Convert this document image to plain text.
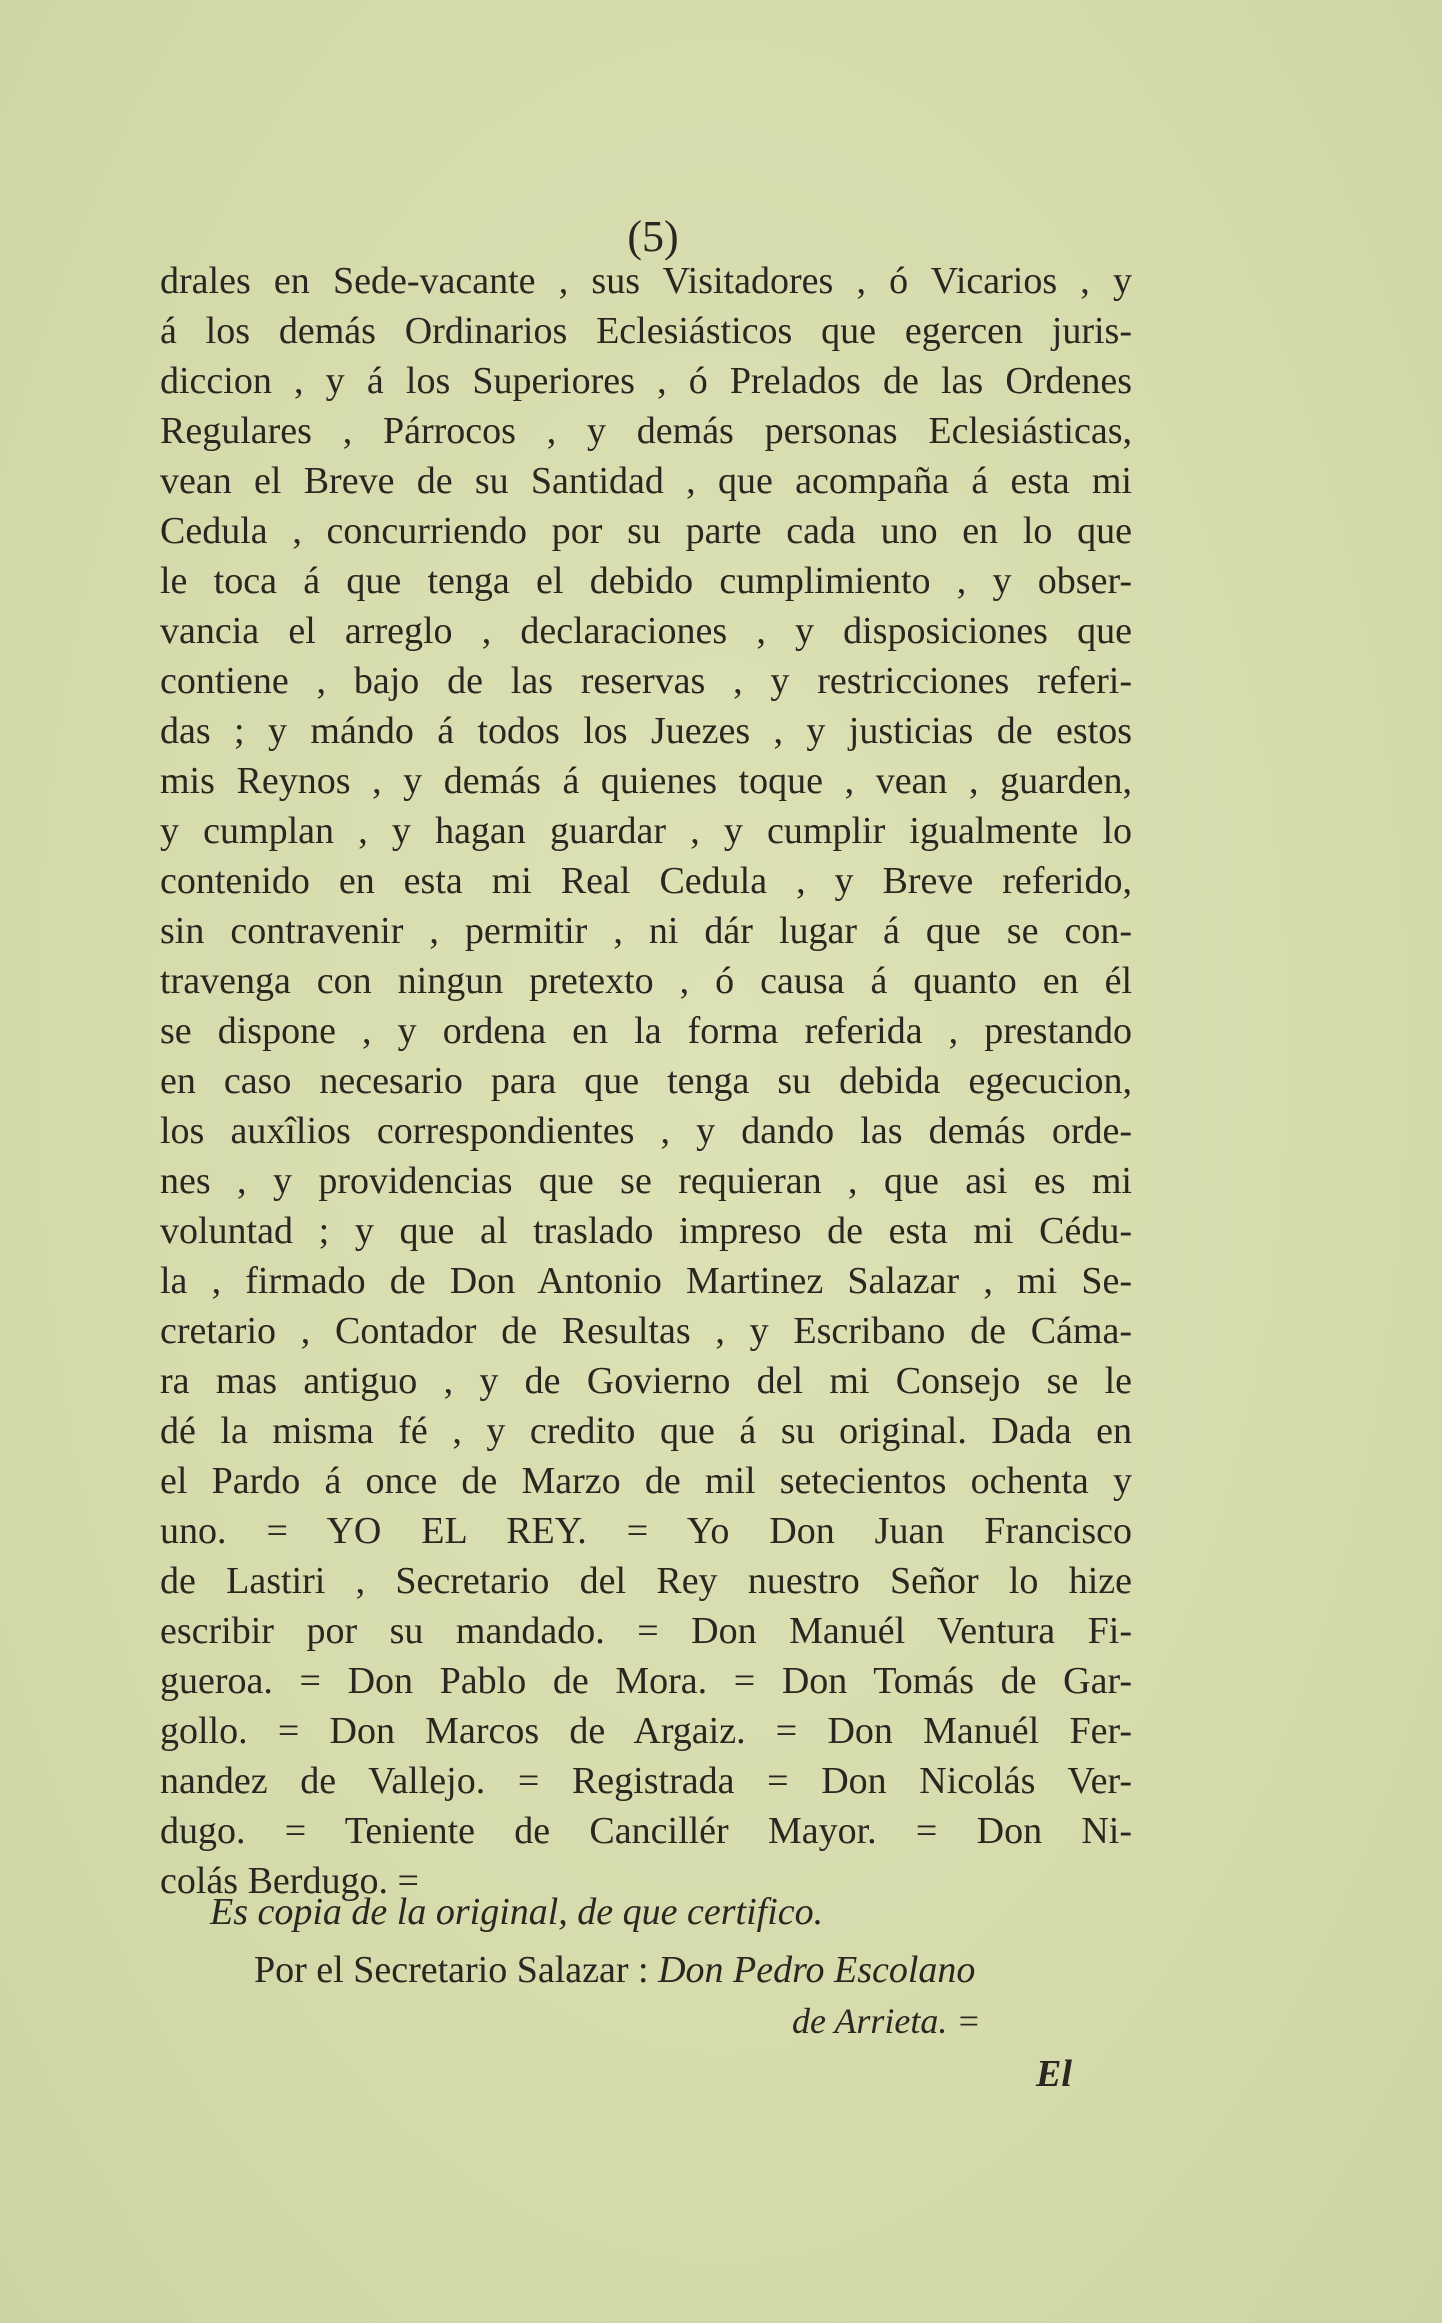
(5)
drales en Sede-vacante , sus Visitadores , ó Vicarios , y
á los demás Ordinarios Eclesiásticos que egercen juris-
diccion , y á los Superiores , ó Prelados de las Ordenes
Regulares , Párrocos , y demás personas Eclesiásticas,
vean el Breve de su Santidad , que acompaña á esta mi
Cedula , concurriendo por su parte cada uno en lo que
le toca á que tenga el debido cumplimiento , y obser-
vancia el arreglo , declaraciones , y disposiciones que
contiene , bajo de las reservas , y restricciones referi-
das ; y mándo á todos los Juezes , y justicias de estos
mis Reynos , y demás á quienes toque , vean , guarden,
y cumplan , y hagan guardar , y cumplir igualmente lo
contenido en esta mi Real Cedula , y Breve referido,
sin contravenir , permitir , ni dár lugar á que se con-
travenga con ningun pretexto , ó causa á quanto en él
se dispone , y ordena en la forma referida , prestando
en caso necesario para que tenga su debida egecucion,
los auxîlios correspondientes , y dando las demás orde-
nes , y providencias que se requieran , que asi es mi
voluntad ; y que al traslado impreso de esta mi Cédu-
la , firmado de Don Antonio Martinez Salazar , mi Se-
cretario , Contador de Resultas , y Escribano de Cáma-
ra mas antiguo , y de Govierno del mi Consejo se le
dé la misma fé , y credito que á su original. Dada en
el Pardo á once de Marzo de mil setecientos ochenta y
uno. = YO EL REY. = Yo Don Juan Francisco
de Lastiri , Secretario del Rey nuestro Señor lo hize
escribir por su mandado. = Don Manuél Ventura Fi-
gueroa. = Don Pablo de Mora. = Don Tomás de Gar-
gollo. = Don Marcos de Argaiz. = Don Manuél Fer-
nandez de Vallejo. = Registrada = Don Nicolás Ver-
dugo. = Teniente de Cancillér Mayor. = Don Ni-
colás Berdugo. =
Es copia de la original, de que certifico.
Por el Secretario Salazar : Don Pedro Escolano
de Arrieta. =
El
